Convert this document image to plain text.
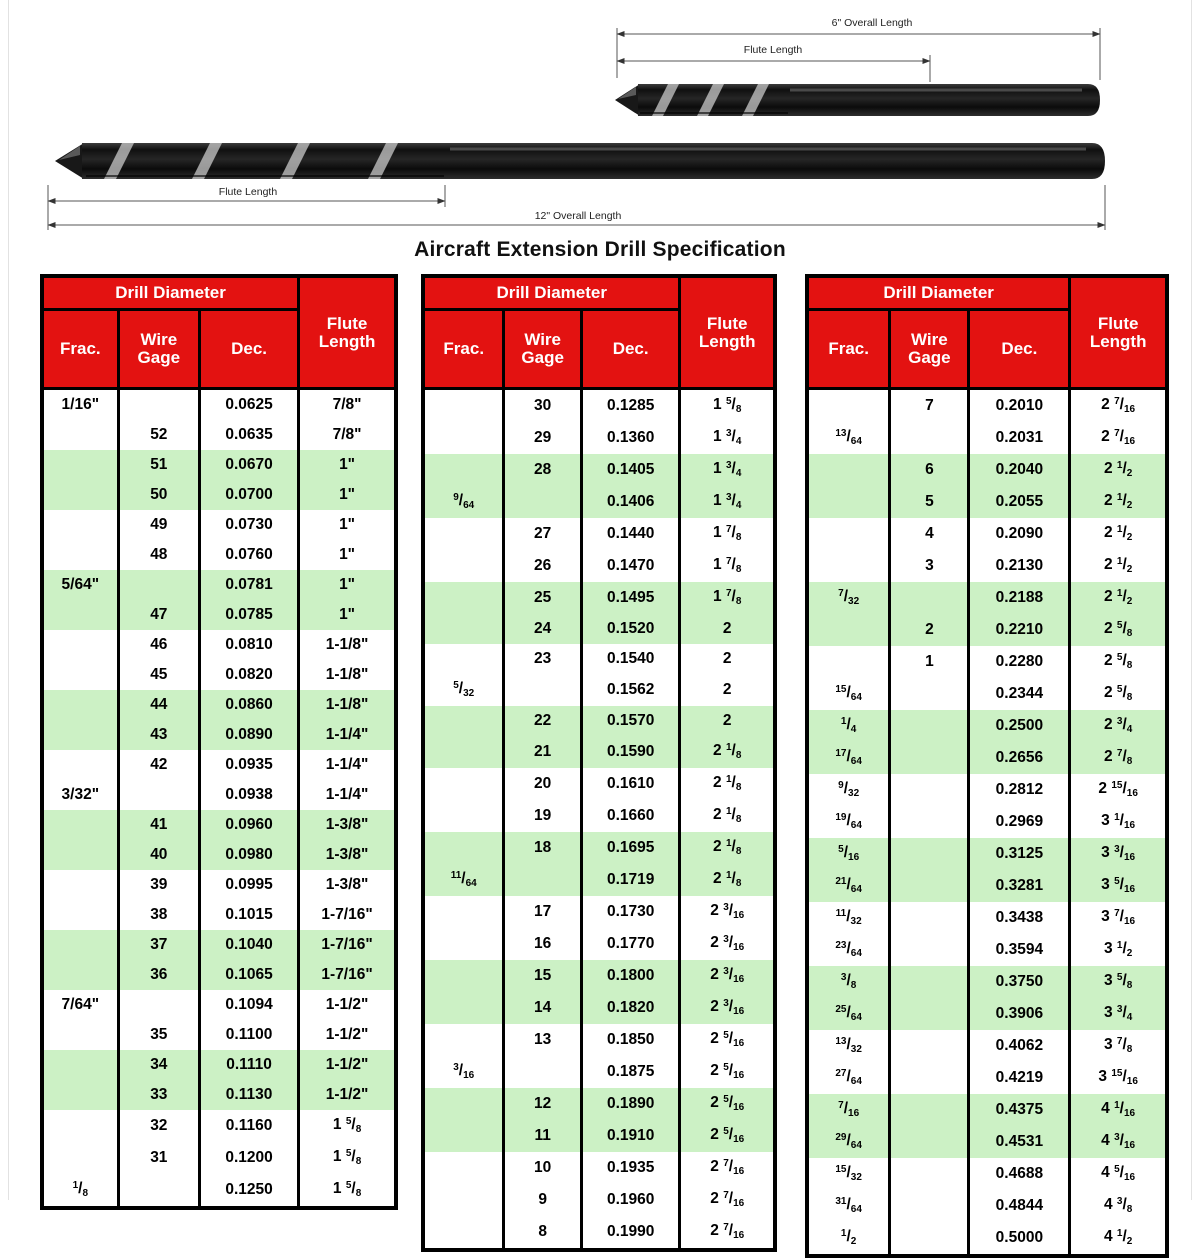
6" Overall Length
Flute Length
Flute Length
12" Overall Length
Aircraft Extension Drill Specification
Drill Diameter			Flute Length
Frac.	Wire Gage	Dec.	
1/16"		0.0625	7/8"
	52	0.0635	7/8"
	51	0.0670	1"
	50	0.0700	1"
	49	0.0730	1"
	48	0.0760	1"
5/64"		0.0781	1"
	47	0.0785	1"
	46	0.0810	1-1/8"
	45	0.0820	1-1/8"
	44	0.0860	1-1/8"
	43	0.0890	1-1/4"
	42	0.0935	1-1/4"
3/32"		0.0938	1-1/4"
	41	0.0960	1-3/8"
	40	0.0980	1-3/8"
	39	0.0995	1-3/8"
	38	0.1015	1-7/16"
	37	0.1040	1-7/16"
	36	0.1065	1-7/16"
7/64"		0.1094	1-1/2"
	35	0.1100	1-1/2"
	34	0.1110	1-1/2"
	33	0.1130	1-1/2"
	32	0.1160	1 $^5$/8
	31	0.1200	1 $^5$/8
$^1$/8		0.1250	1 $^5$/8
Drill Diameter			Flute Length
Frac.	Wire Gage	Dec.	
	30	0.1285	1 $^5$/8
	29	0.1360	1 $^3$/4
	28	0.1405	1 $^3$/4
$^9$/64		0.1406	1 $^3$/4
	27	0.1440	1 $^7$/8
	26	0.1470	1 $^7$/8
	25	0.1495	1 $^7$/8
	24	0.1520	2
	23	0.1540	2
$^5$/32		0.1562	2
	22	0.1570	2
	21	0.1590	2 $^1$/8
	20	0.1610	2 $^1$/8
	19	0.1660	2 $^1$/8
	18	0.1695	2 $^1$/8
$^{11}$/64		0.1719	2 $^1$/8
	17	0.1730	2 $^3$/16
	16	0.1770	2 $^3$/16
	15	0.1800	2 $^3$/16
	14	0.1820	2 $^3$/16
	13	0.1850	2 $^5$/16
$^3$/16		0.1875	2 $^5$/16
	12	0.1890	2 $^5$/16
	11	0.1910	2 $^5$/16
	10	0.1935	2 $^7$/16
	9	0.1960	2 $^7$/16
	8	0.1990	2 $^7$/16
Drill Diameter			Flute Length
Frac.	Wire Gage	Dec.	
	7	0.2010	2 $^7$/16
$^{13}$/64		0.2031	2 $^7$/16
	6	0.2040	2 $^1$/2
	5	0.2055	2 $^1$/2
	4	0.2090	2 $^1$/2
	3	0.2130	2 $^1$/2
$^7$/32		0.2188	2 $^1$/2
	2	0.2210	2 $^5$/8
	1	0.2280	2 $^5$/8
$^{15}$/64		0.2344	2 $^5$/8
$^1$/4		0.2500	2 $^3$/4
$^{17}$/64		0.2656	2 $^7$/8
$^9$/32		0.2812	2 $^{15}$/16
$^{19}$/64		0.2969	3 $^1$/16
$^5$/16		0.3125	3 $^3$/16
$^{21}$/64		0.3281	3 $^5$/16
$^{11}$/32		0.3438	3 $^7$/16
$^{23}$/64		0.3594	3 $^1$/2
$^3$/8		0.3750	3 $^5$/8
$^{25}$/64		0.3906	3 $^3$/4
$^{13}$/32		0.4062	3 $^7$/8
$^{27}$/64		0.4219	3 $^{15}$/16
$^7$/16		0.4375	4 $^1$/16
$^{29}$/64		0.4531	4 $^3$/16
$^{15}$/32		0.4688	4 $^5$/16
$^{31}$/64		0.4844	4 $^3$/8
$^1$/2		0.5000	4 $^1$/2
